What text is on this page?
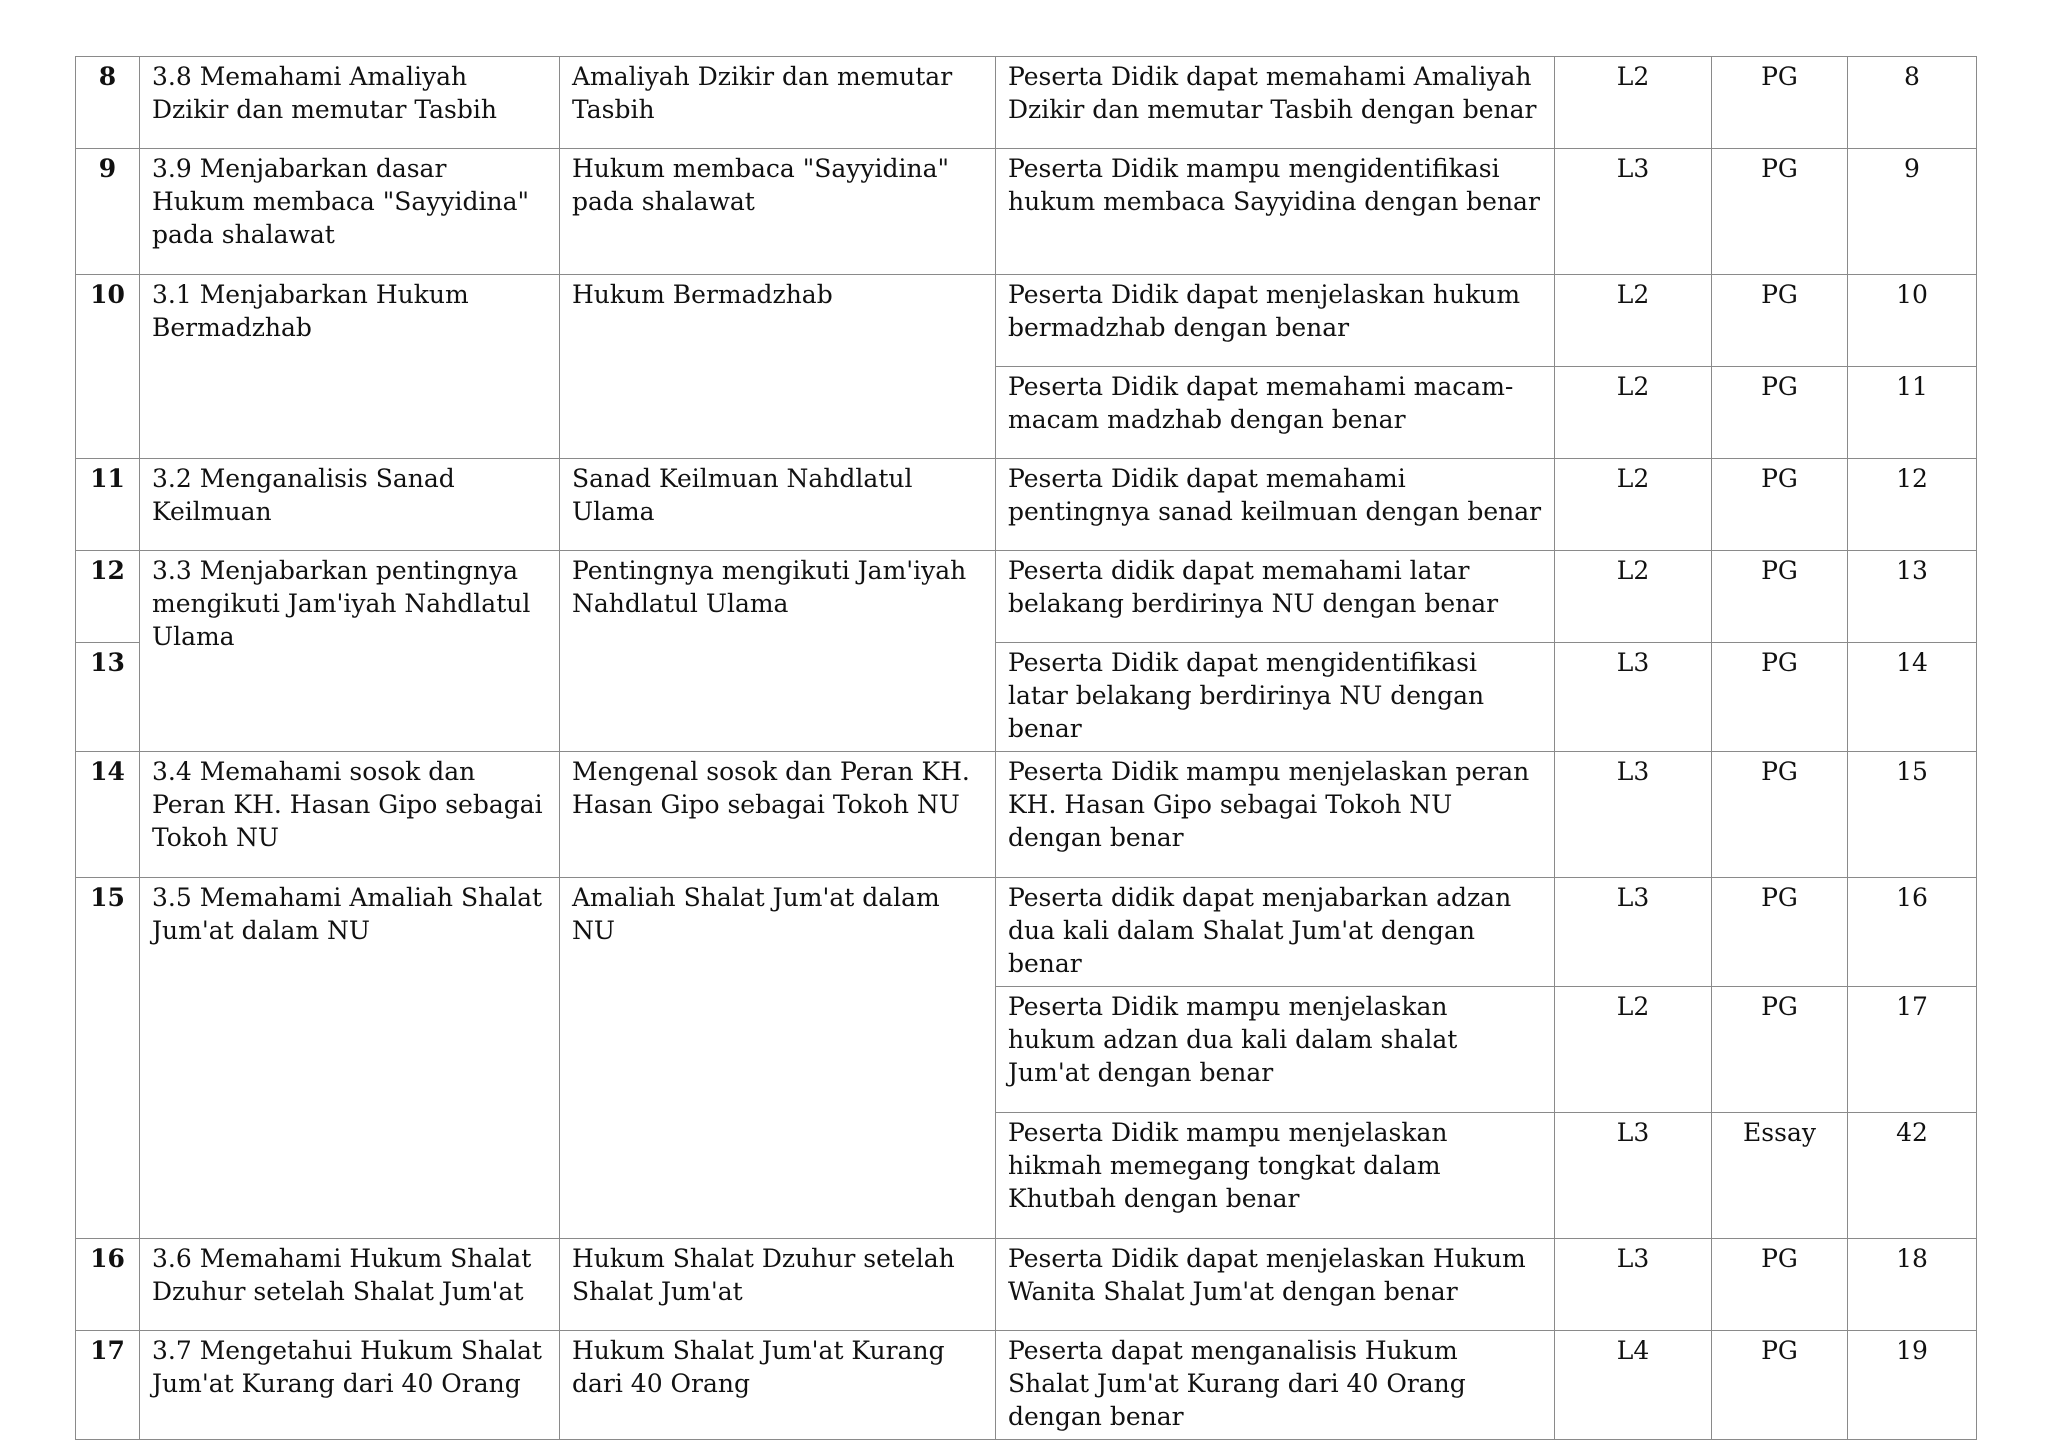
8	3.8 Memahami Amaliyah Dzikir dan memutar Tasbih	Amaliyah Dzikir dan memutar Tasbih	Peserta Didik dapat memahami Amaliyah Dzikir dan memutar Tasbih dengan benar	L2	PG	8
9	3.9 Menjabarkan dasar Hukum membaca "Sayyidina" pada shalawat	Hukum membaca "Sayyidina" pada shalawat	Peserta Didik mampu mengidentifikasi hukum membaca Sayyidina dengan benar	L3	PG	9
10	3.1 Menjabarkan Hukum Bermadzhab	Hukum Bermadzhab	Peserta Didik dapat menjelaskan hukum bermadzhab dengan benar	L2	PG	10
			Peserta Didik dapat memahami macam-macam madzhab dengan benar	L2	PG	11
11	3.2 Menganalisis Sanad Keilmuan	Sanad Keilmuan Nahdlatul Ulama	Peserta Didik dapat memahami pentingnya sanad keilmuan dengan benar	L2	PG	12
12	3.3 Menjabarkan pentingnya mengikuti Jam'iyah Nahdlatul Ulama	Pentingnya mengikuti Jam'iyah Nahdlatul Ulama	Peserta didik dapat memahami latar belakang berdirinya NU dengan benar	L2	PG	13
13			Peserta Didik dapat mengidentifikasi latar belakang berdirinya NU dengan benar	L3	PG	14
14	3.4 Memahami sosok dan Peran KH. Hasan Gipo sebagai Tokoh NU	Mengenal sosok dan Peran KH. Hasan Gipo sebagai Tokoh NU	Peserta Didik mampu menjelaskan peran KH. Hasan Gipo sebagai Tokoh NU dengan benar	L3	PG	15
15	3.5 Memahami Amaliah Shalat Jum'at dalam NU	Amaliah Shalat Jum'at dalam NU	Peserta didik dapat menjabarkan adzan dua kali dalam Shalat Jum'at dengan benar	L3	PG	16
			Peserta Didik mampu menjelaskan hukum adzan dua kali dalam shalat Jum'at dengan benar	L2	PG	17
			Peserta Didik mampu menjelaskan hikmah memegang tongkat dalam Khutbah dengan benar	L3	Essay	42
16	3.6 Memahami Hukum Shalat Dzuhur setelah Shalat Jum'at	Hukum Shalat Dzuhur setelah Shalat Jum'at	Peserta Didik dapat menjelaskan Hukum Wanita Shalat Jum'at dengan benar	L3	PG	18
17	3.7 Mengetahui Hukum Shalat Jum'at Kurang dari 40 Orang	Hukum Shalat Jum'at Kurang dari 40 Orang	Peserta dapat menganalisis Hukum Shalat Jum'at Kurang dari 40 Orang dengan benar	L4	PG	19
